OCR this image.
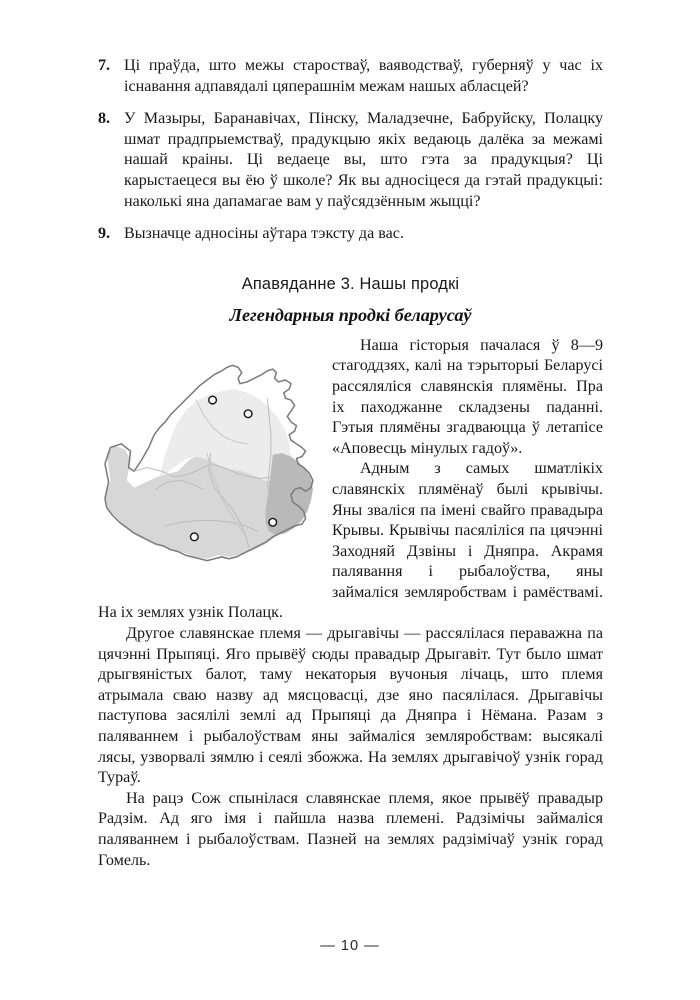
7. Ці праўда, што межы старостваў, ваяводстваў, губерняў у час іх існавання адпавядалі цяперашнім межам нашых абласцей?
8. У Мазыры, Баранавічах, Пінску, Маладзечне, Бабруйску, Полацку шмат прадпрыемстваў, прадукцыю якіх ведаюць далёка за межамі нашай краіны. Ці ведаеце вы, што гэта за прадукцыя? Ці карыстаецеся вы ёю ў школе? Як вы адносіцеся да гэтай прадукцыі: наколькі яна дапамагае вам у паўсядзённым жыцці?
9. Вызначце адносіны аўтара тэксту да вас.
Апавяданне 3. Нашы продкі
Легендарныя продкі беларусаў

Наша гісторыя пачалася ў 8—9 стагоддзях, калі на тэрыторыі Беларусі рассяляліся славянскія плямёны. Пра іх паходжанне складзены паданні. Гэтыя плямёны згадваюцца ў летапісе «Аповесць мінулых гадоў».

Адным з самых шматлікіх славянскіх плямёнаў былі крывічы. Яны зваліся па імені свайго правадыра Крывы. Крывічы пасяліліся па цячэнні Заходняй Дзвіны і Дняпра. Акрамя палявання і рыбалоўства, яны займаліся земляробствам і рамёствамі. На іх землях узнік Полацк.

Другое славянскае племя — дрыгавічы — рассялілася пераважна па цячэнні Прыпяці. Яго прывёў сюды правадыр Дрыгавіт. Тут было шмат дрыгвяністых балот, таму некаторыя вучоныя лічаць, што племя атрымала сваю назву ад мясцовасці, дзе яно пасялілася. Дрыгавічы паступова засялілі землі ад Прыпяці да Дняпра і Нёмана. Разам з паляваннем і рыбалоўствам яны займаліся земляробствам: высякалі лясы, узворвалі зямлю і сеялі збожжа. На землях дрыгавічоў узнік горад Тураў.

На рацэ Сож спынілася славянскае племя, якое прывёў правадыр Радзім. Ад яго імя і пайшла назва племені. Радзімічы займаліся паляваннем і рыбалоўствам. Пазней на землях радзімічаў узнік горад Гомель.

— 10 —
